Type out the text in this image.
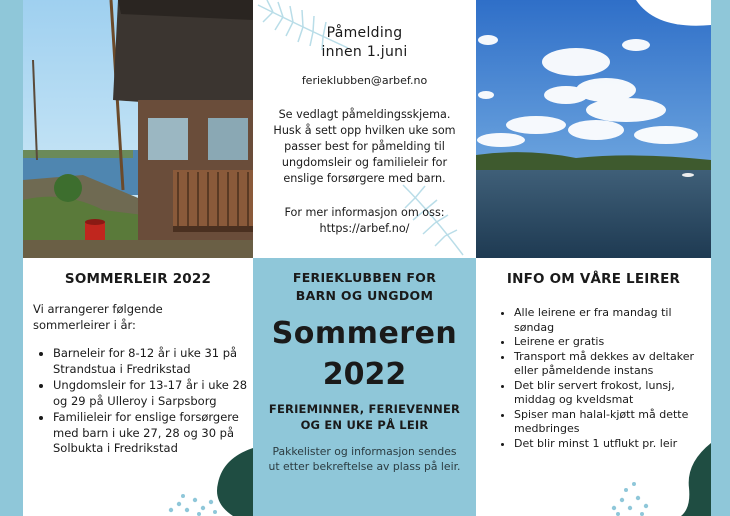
Påmelding
innen 1.juni
ferieklubben@arbef.no
Se vedlagt påmeldingsskjema. Husk å sett opp hvilken uke som passer best for påmelding til ungdomsleir og familieleir for enslige forsørgere med barn.
For mer informasjon om oss:
https://arbef.no/
SOMMERLEIR 2022
Vi arrangerer følgende sommerleirer i år:
• Barneleir for 8-12 år i uke 31 på Strandstua i Fredrikstad
• Ungdomsleir for 13-17 år i uke 28 og 29 på Ulleroy i Sarpsborg
• Familieleir for enslige forsørgere med barn i uke 27, 28 og 30 på Solbukta i Fredrikstad
FERIEKLUBBEN FOR
BARN OG UNGDOM
Sommeren
2022
FERIEMINNER, FERIEVENNER
OG EN UKE PÅ LEIR
Pakkelister og informasjon sendes ut etter bekreftelse av plass på leir.
INFO OM VÅRE LEIRER
• Alle leirene er fra mandag til søndag
• Leirene er gratis
• Transport må dekkes av deltaker eller påmeldende instans
• Det blir servert frokost, lunsj, middag og kveldsmat
• Spiser man halal-kjøtt må dette medbringes
• Det blir minst 1 utflukt pr. leir
